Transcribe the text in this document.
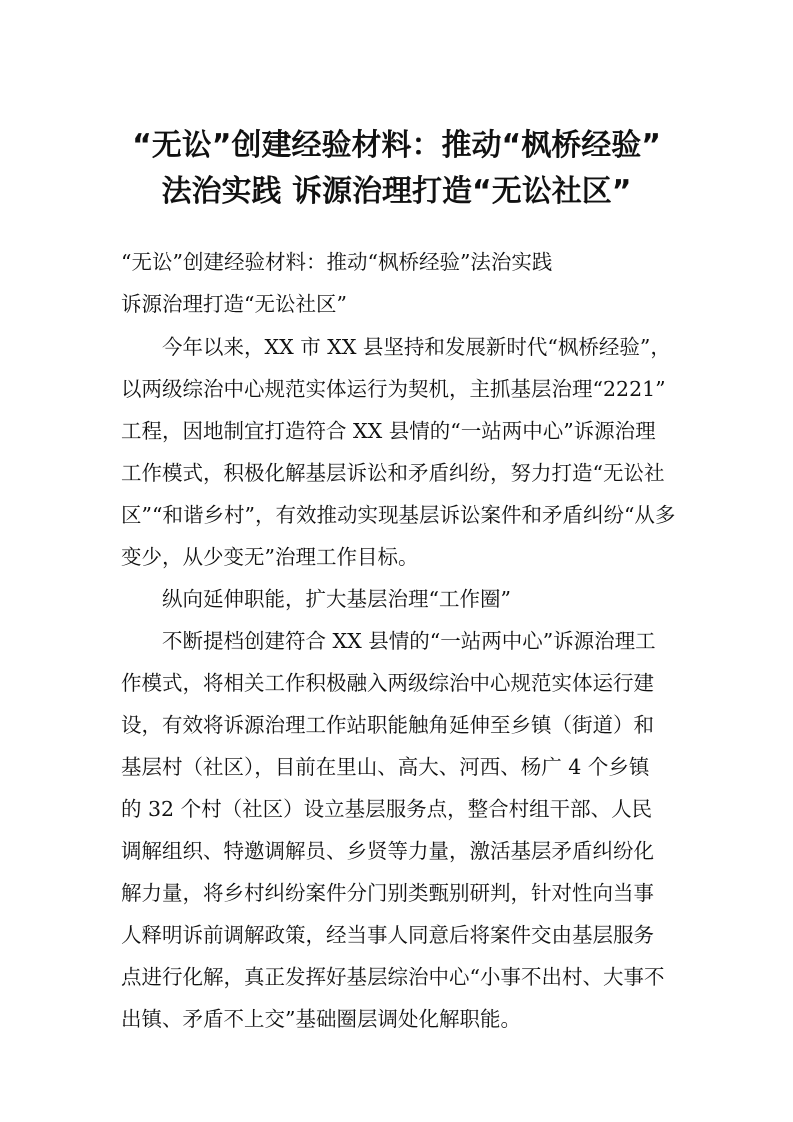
“无讼”创建经验材料：推动“枫桥经验”
法治实践 诉源治理打造“无讼社区”
“无讼”创建经验材料：推动“枫桥经验”法治实践
诉源治理打造“无讼社区”
今年以来，XX 市 XX 县坚持和发展新时代“枫桥经验”，
以两级综治中心规范实体运行为契机，主抓基层治理“2221”
工程，因地制宜打造符合 XX 县情的“一站两中心”诉源治理
工作模式，积极化解基层诉讼和矛盾纠纷，努力打造“无讼社
区”“和谐乡村”，有效推动实现基层诉讼案件和矛盾纠纷“从多
变少，从少变无”治理工作目标。
纵向延伸职能，扩大基层治理“工作圈”
不断提档创建符合 XX 县情的“一站两中心”诉源治理工
作模式，将相关工作积极融入两级综治中心规范实体运行建
设，有效将诉源治理工作站职能触角延伸至乡镇（街道）和
基层村（社区），目前在里山、高大、河西、杨广 4 个乡镇
的 32 个村（社区）设立基层服务点，整合村组干部、人民
调解组织、特邀调解员、乡贤等力量，激活基层矛盾纠纷化
解力量，将乡村纠纷案件分门别类甄别研判，针对性向当事
人释明诉前调解政策，经当事人同意后将案件交由基层服务
点进行化解，真正发挥好基层综治中心“小事不出村、大事不
出镇、矛盾不上交”基础圈层调处化解职能。
